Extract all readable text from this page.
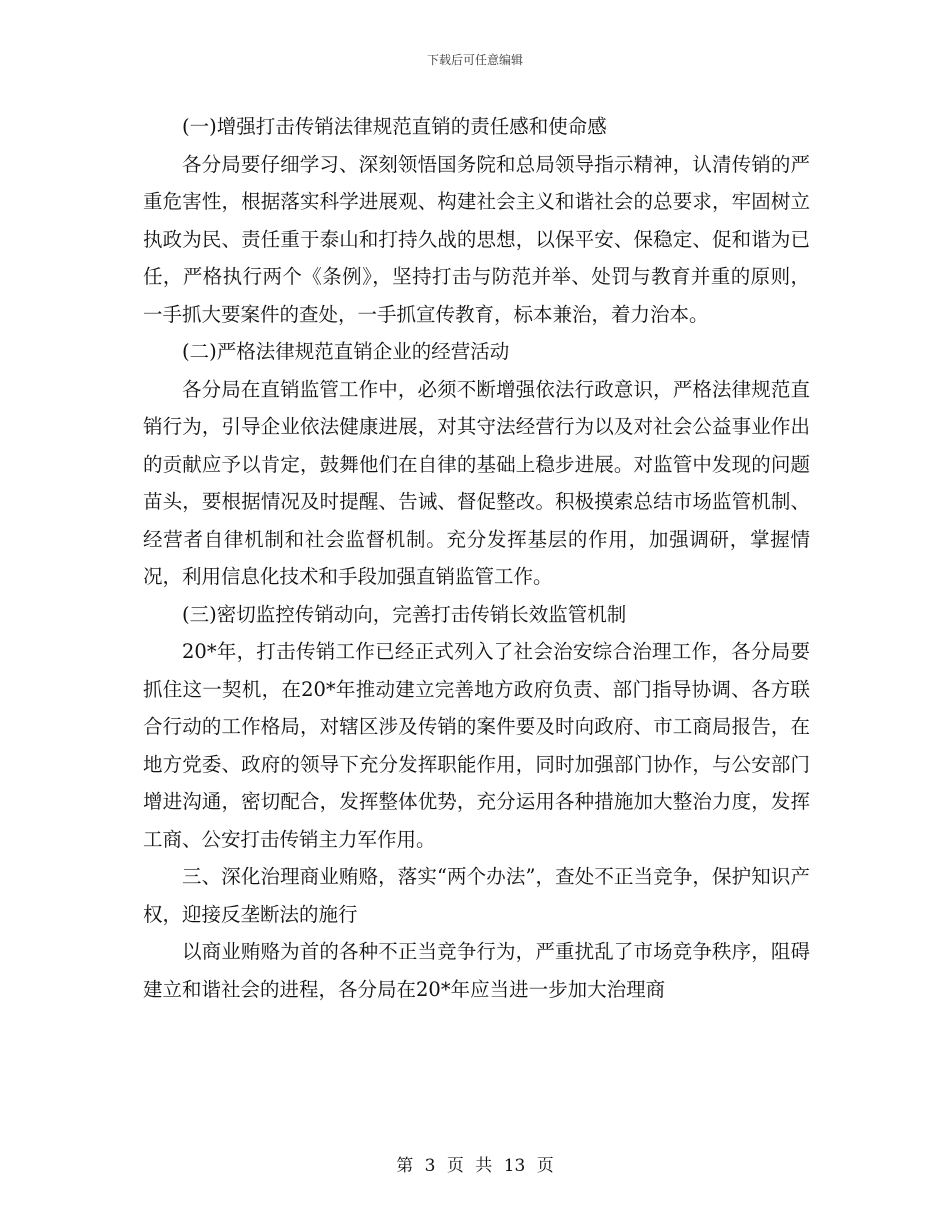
下载后可任意编辑

(一)增强打击传销法律规范直销的责任感和使命感

各分局要仔细学习、深刻领悟国务院和总局领导指示精神，认清传销的严重危害性，根据落实科学进展观、构建社会主义和谐社会的总要求，牢固树立执政为民、责任重于泰山和打持久战的思想，以保平安、保稳定、促和谐为已任，严格执行两个《条例》，坚持打击与防范并举、处罚与教育并重的原则，一手抓大要案件的查处，一手抓宣传教育，标本兼治，着力治本。

(二)严格法律规范直销企业的经营活动

各分局在直销监管工作中，必须不断增强依法行政意识，严格法律规范直销行为，引导企业依法健康进展，对其守法经营行为以及对社会公益事业作出的贡献应予以肯定，鼓舞他们在自律的基础上稳步进展。对监管中发现的问题苗头，要根据情况及时提醒、告诫、督促整改。积极摸索总结市场监管机制、经营者自律机制和社会监督机制。充分发挥基层的作用，加强调研，掌握情况，利用信息化技术和手段加强直销监管工作。

(三)密切监控传销动向，完善打击传销长效监管机制

20*年，打击传销工作已经正式列入了社会治安综合治理工作，各分局要抓住这一契机，在20*年推动建立完善地方政府负责、部门指导协调、各方联合行动的工作格局，对辖区涉及传销的案件要及时向政府、市工商局报告，在地方党委、政府的领导下充分发挥职能作用，同时加强部门协作，与公安部门增进沟通，密切配合，发挥整体优势，充分运用各种措施加大整治力度，发挥工商、公安打击传销主力军作用。

三、深化治理商业贿赂，落实“两个办法”，查处不正当竞争，保护知识产权，迎接反垄断法的施行

以商业贿赂为首的各种不正当竞争行为，严重扰乱了市场竞争秩序，阻碍建立和谐社会的进程，各分局在20*年应当进一步加大治理商

第 3 页 共 13 页
